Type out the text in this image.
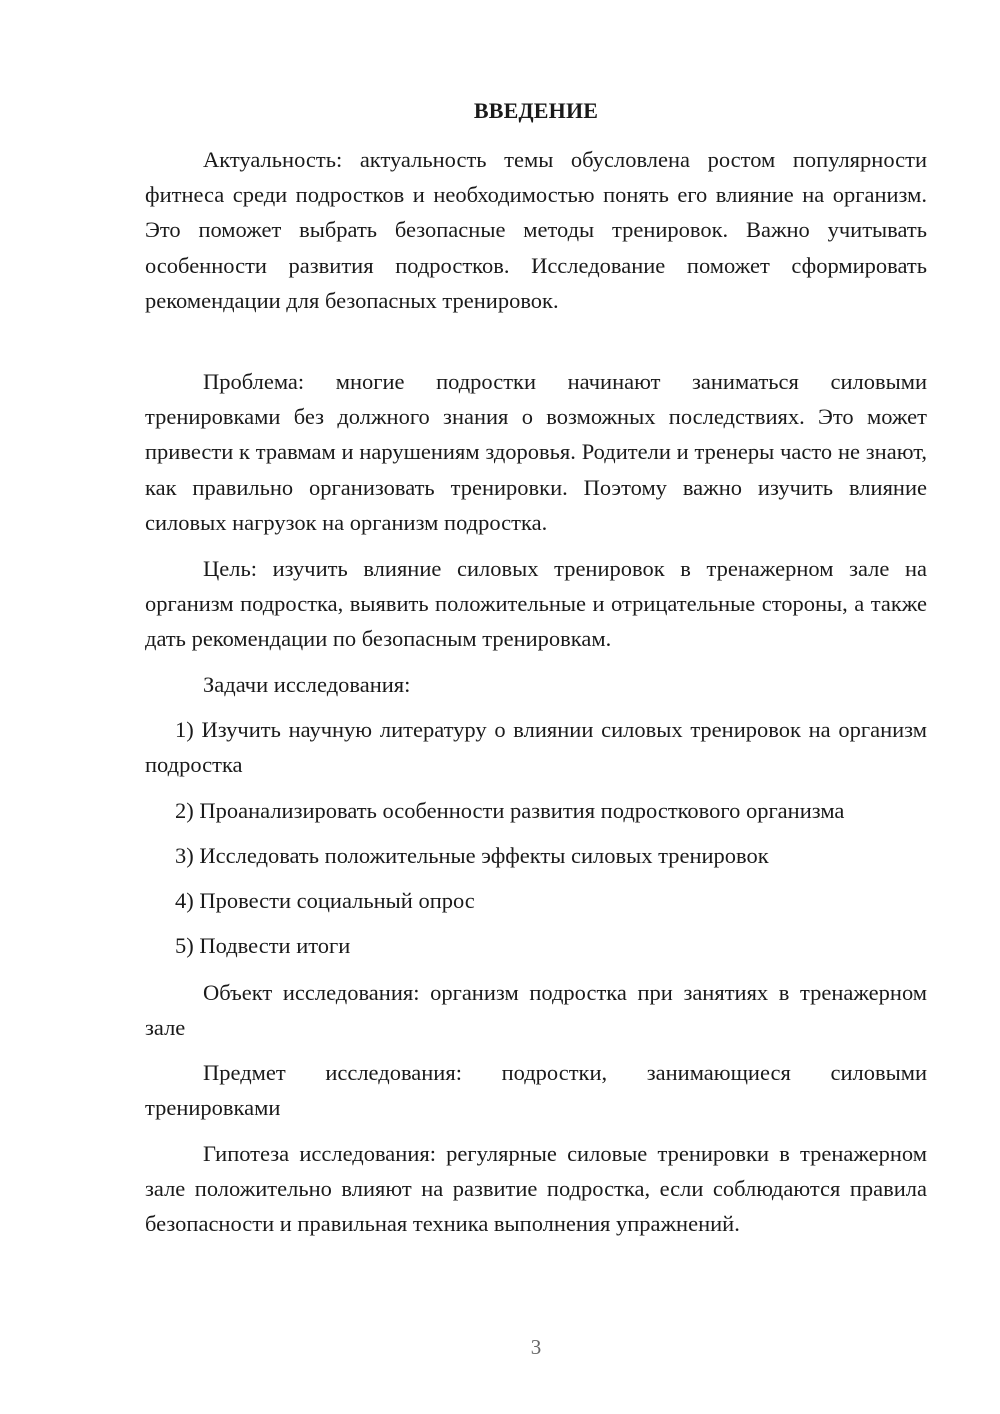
ВВЕДЕНИЕ

Актуальность: актуальность темы обусловлена ростом популярности фитнеса среди подростков и необходимостью понять его влияние на организм. Это поможет выбрать безопасные методы тренировок. Важно учитывать особенности развития подростков. Исследование поможет сформировать рекомендации для безопасных тренировок.

Проблема: многие подростки начинают заниматься силовыми тренировками без должного знания о возможных последствиях. Это может привести к травмам и нарушениям здоровья. Родители и тренеры часто не знают, как правильно организовать тренировки. Поэтому важно изучить влияние силовых нагрузок на организм подростка.

Цель: изучить влияние силовых тренировок в тренажерном зале на организм подростка, выявить положительные и отрицательные стороны, а также дать рекомендации по безопасным тренировкам.

Задачи исследования:

1) Изучить научную литературу о влиянии силовых тренировок на организм подростка

2) Проанализировать особенности развития подросткового организма

3) Исследовать положительные эффекты силовых тренировок

4) Провести социальный опрос

5) Подвести итоги

Объект исследования: организм подростка при занятиях в тренажерном зале

Предмет исследования: подростки, занимающиеся силовыми тренировками

Гипотеза исследования: регулярные силовые тренировки в тренажерном зале положительно влияют на развитие подростка, если соблюдаются правила безопасности и правильная техника выполнения упражнений.

3
